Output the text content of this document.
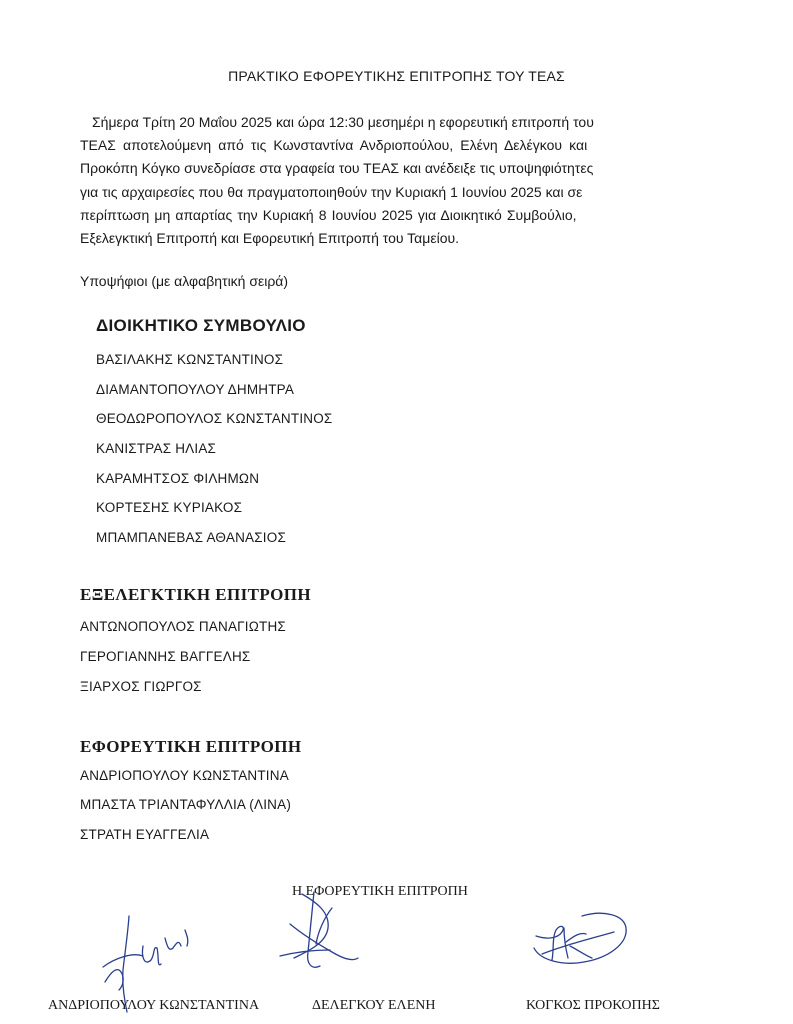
ΠΡΑΚΤΙΚΟ ΕΦΟΡΕΥΤΙΚΗΣ ΕΠΙΤΡΟΠΗΣ ΤΟΥ ΤΕΑΣ
Σήμερα Τρίτη 20 Μαΐου 2025 και ώρα 12:30 μεσημέρι η εφορευτική επιτροπή του
ΤΕΑΣ αποτελούμενη από τις Κωνσταντίνα Ανδριοπούλου, Ελένη Δελέγκου και
Προκόπη Κόγκο συνεδρίασε στα γραφεία του ΤΕΑΣ και ανέδειξε τις υποψηφιότητες
για τις αρχαιρεσίες που θα πραγματοποιηθούν την Κυριακή 1 Ιουνίου 2025 και σε
περίπτωση μη απαρτίας την Κυριακή 8 Ιουνίου 2025 για Διοικητικό Συμβούλιο,
Εξελεγκτική Επιτροπή και Εφορευτική Επιτροπή του Ταμείου.
Υποψήφιοι (με αλφαβητική σειρά)
ΔΙΟΙΚΗΤΙΚΟ ΣΥΜΒΟΥΛΙΟ
ΒΑΣΙΛΑΚΗΣ ΚΩΝΣΤΑΝΤΙΝΟΣ
ΔΙΑΜΑΝΤΟΠΟΥΛΟΥ ΔΗΜΗΤΡΑ
ΘΕΟΔΩΡΟΠΟΥΛΟΣ ΚΩΝΣΤΑΝΤΙΝΟΣ
ΚΑΝΙΣΤΡΑΣ ΗΛΙΑΣ
ΚΑΡΑΜΗΤΣΟΣ ΦΙΛΗΜΩΝ
ΚΟΡΤΕΣΗΣ ΚΥΡΙΑΚΟΣ
ΜΠΑΜΠΑΝΕΒΑΣ ΑΘΑΝΑΣΙΟΣ
ΕΞΕΛΕΓΚΤΙΚΗ ΕΠΙΤΡΟΠΗ
ΑΝΤΩΝΟΠΟΥΛΟΣ ΠΑΝΑΓΙΩΤΗΣ
ΓΕΡΟΓΙΑΝΝΗΣ ΒΑΓΓΕΛΗΣ
ΞΙΑΡΧΟΣ ΓΙΩΡΓΟΣ
ΕΦΟΡΕΥΤΙΚΗ ΕΠΙΤΡΟΠΗ
ΑΝΔΡΙΟΠΟΥΛΟΥ ΚΩΝΣΤΑΝΤΙΝΑ
ΜΠΑΣΤΑ ΤΡΙΑΝΤΑΦΥΛΛΙΑ (ΛΙΝΑ)
ΣΤΡΑΤΗ ΕΥΑΓΓΕΛΙΑ
Η ΕΦΟΡΕΥΤΙΚΗ ΕΠΙΤΡΟΠΗ
ΑΝΔΡΙΟΠΟΥΛΟΥ ΚΩΝΣΤΑΝΤΙΝΑ	ΔΕΛΕΓΚΟΥ ΕΛΕΝΗ	ΚΟΓΚΟΣ ΠΡΟΚΟΠΗΣ
